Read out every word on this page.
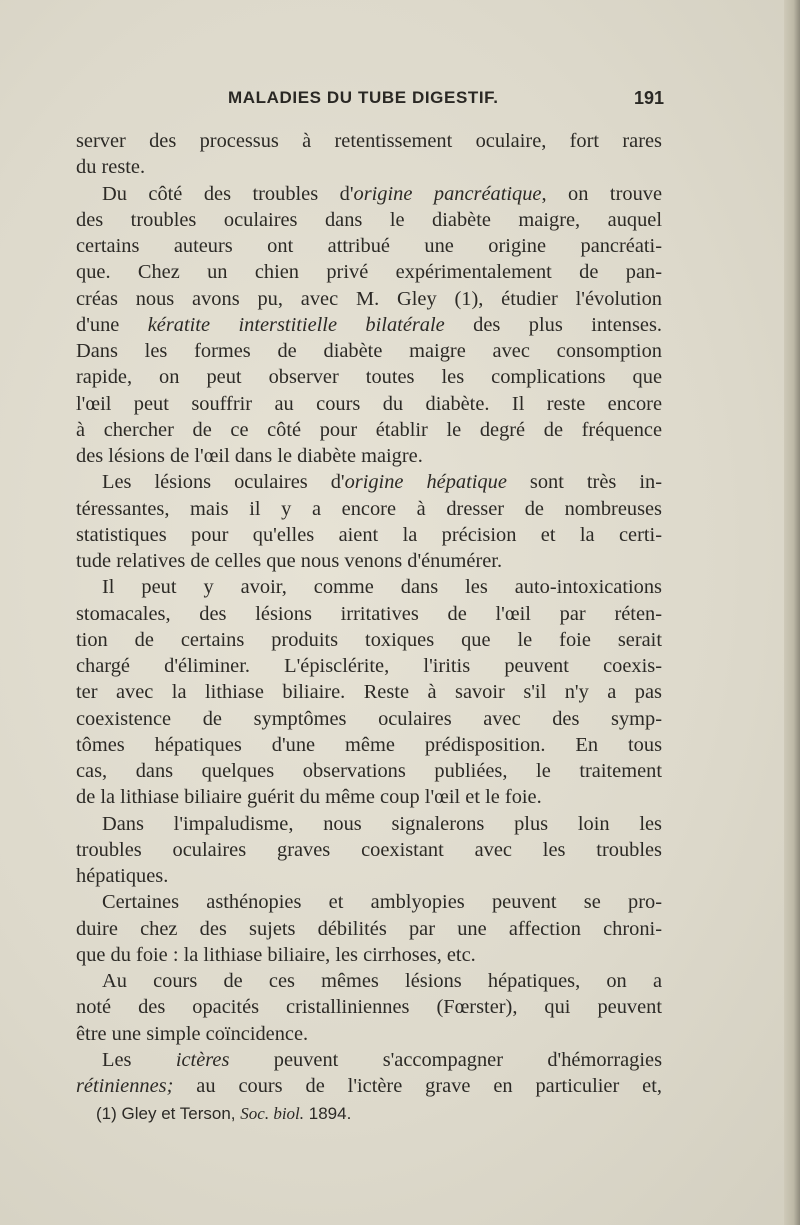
MALADIES DU TUBE DIGESTIF.	191
server des processus à retentissement oculaire, fort rares
du reste.
Du côté des troubles d'origine pancréatique, on trouve
des troubles oculaires dans le diabète maigre, auquel
certains auteurs ont attribué une origine pancréati-
que. Chez un chien privé expérimentalement de pan-
créas nous avons pu, avec M. Gley (1), étudier l'évolution
d'une kératite interstitielle bilatérale des plus intenses.
Dans les formes de diabète maigre avec consomption
rapide, on peut observer toutes les complications que
l'œil peut souffrir au cours du diabète. Il reste encore
à chercher de ce côté pour établir le degré de fréquence
des lésions de l'œil dans le diabète maigre.
Les lésions oculaires d'origine hépatique sont très in-
téressantes, mais il y a encore à dresser de nombreuses
statistiques pour qu'elles aient la précision et la certi-
tude relatives de celles que nous venons d'énumérer.
Il peut y avoir, comme dans les auto-intoxications
stomacales, des lésions irritatives de l'œil par réten-
tion de certains produits toxiques que le foie serait
chargé d'éliminer. L'épisclérite, l'iritis peuvent coexis-
ter avec la lithiase biliaire. Reste à savoir s'il n'y a pas
coexistence de symptômes oculaires avec des symp-
tômes hépatiques d'une même prédisposition. En tous
cas, dans quelques observations publiées, le traitement
de la lithiase biliaire guérit du même coup l'œil et le foie.
Dans l'impaludisme, nous signalerons plus loin les
troubles oculaires graves coexistant avec les troubles
hépatiques.
Certaines asthénopies et amblyopies peuvent se pro-
duire chez des sujets débilités par une affection chroni-
que du foie : la lithiase biliaire, les cirrhoses, etc.
Au cours de ces mêmes lésions hépatiques, on a
noté des opacités cristalliniennes (Fœrster), qui peuvent
être une simple coïncidence.
Les ictères peuvent s'accompagner d'hémorragies
rétiniennes; au cours de l'ictère grave en particulier et,
(1) Gley et Terson, Soc. biol. 1894.
